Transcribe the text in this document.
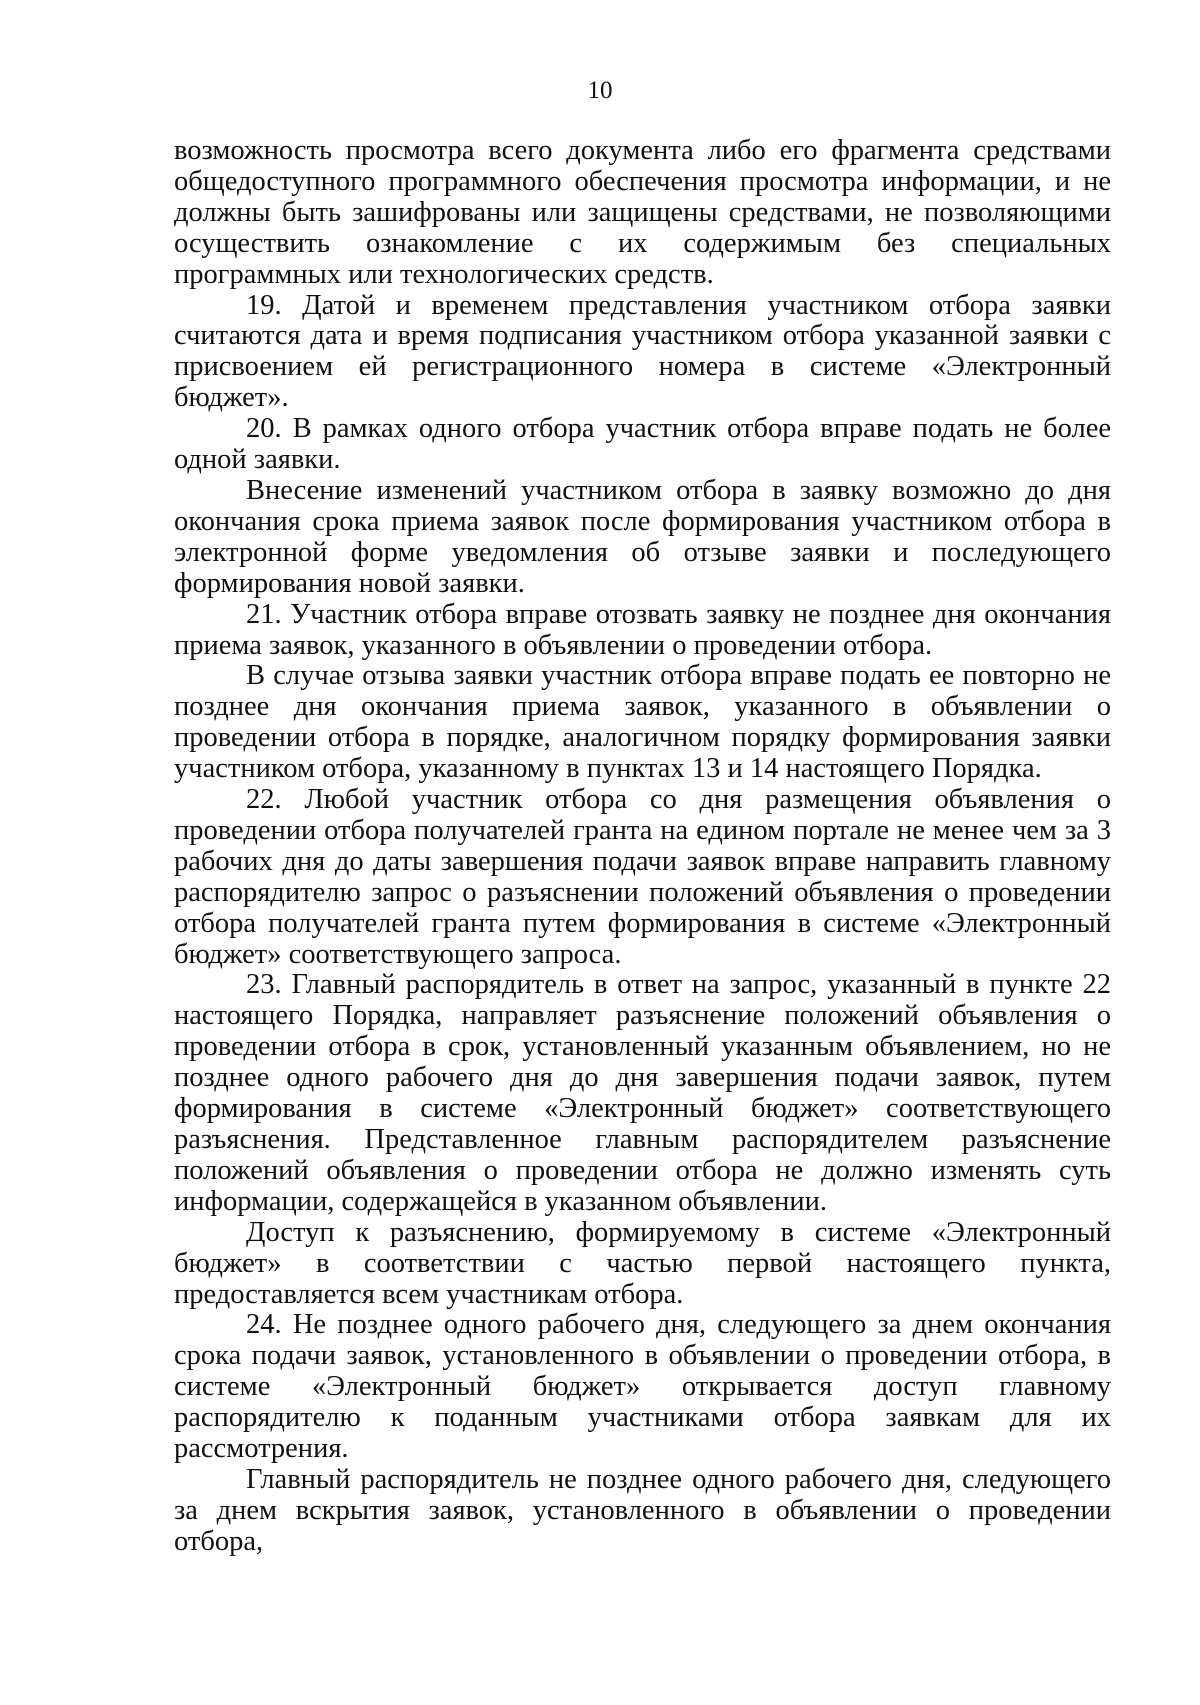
10

возможность просмотра всего документа либо его фрагмента средствами общедоступного программного обеспечения просмотра информации, и не должны быть зашифрованы или защищены средствами, не позволяющими осуществить ознакомление с их содержимым без специальных программных или технологических средств.

19. Датой и временем представления участником отбора заявки считаются дата и время подписания участником отбора указанной заявки с присвоением ей регистрационного номера в системе «Электронный бюджет».

20. В рамках одного отбора участник отбора вправе подать не более одной заявки.

Внесение изменений участником отбора в заявку возможно до дня окончания срока приема заявок после формирования участником отбора в электронной форме уведомления об отзыве заявки и последующего формирования новой заявки.

21. Участник отбора вправе отозвать заявку не позднее дня окончания приема заявок, указанного в объявлении о проведении отбора.

В случае отзыва заявки участник отбора вправе подать ее повторно не позднее дня окончания приема заявок, указанного в объявлении о проведении отбора в порядке, аналогичном порядку формирования заявки участником отбора, указанному в пунктах 13 и 14 настоящего Порядка.

22. Любой участник отбора со дня размещения объявления о проведении отбора получателей гранта на едином портале не менее чем за 3 рабочих дня до даты завершения подачи заявок вправе направить главному распорядителю запрос о разъяснении положений объявления о проведении отбора получателей гранта путем формирования в системе «Электронный бюджет» соответствующего запроса.

23. Главный распорядитель в ответ на запрос, указанный в пункте 22 настоящего Порядка, направляет разъяснение положений объявления о проведении отбора в срок, установленный указанным объявлением, но не позднее одного рабочего дня до дня завершения подачи заявок, путем формирования в системе «Электронный бюджет» соответствующего разъяснения. Представленное главным распорядителем разъяснение положений объявления о проведении отбора не должно изменять суть информации, содержащейся в указанном объявлении.

Доступ к разъяснению, формируемому в системе «Электронный бюджет» в соответствии с частью первой настоящего пункта, предоставляется всем участникам отбора.

24. Не позднее одного рабочего дня, следующего за днем окончания срока подачи заявок, установленного в объявлении о проведении отбора, в системе «Электронный бюджет» открывается доступ главному распорядителю к поданным участниками отбора заявкам для их рассмотрения.

Главный распорядитель не позднее одного рабочего дня, следующего за днем вскрытия заявок, установленного в объявлении о проведении отбора,
